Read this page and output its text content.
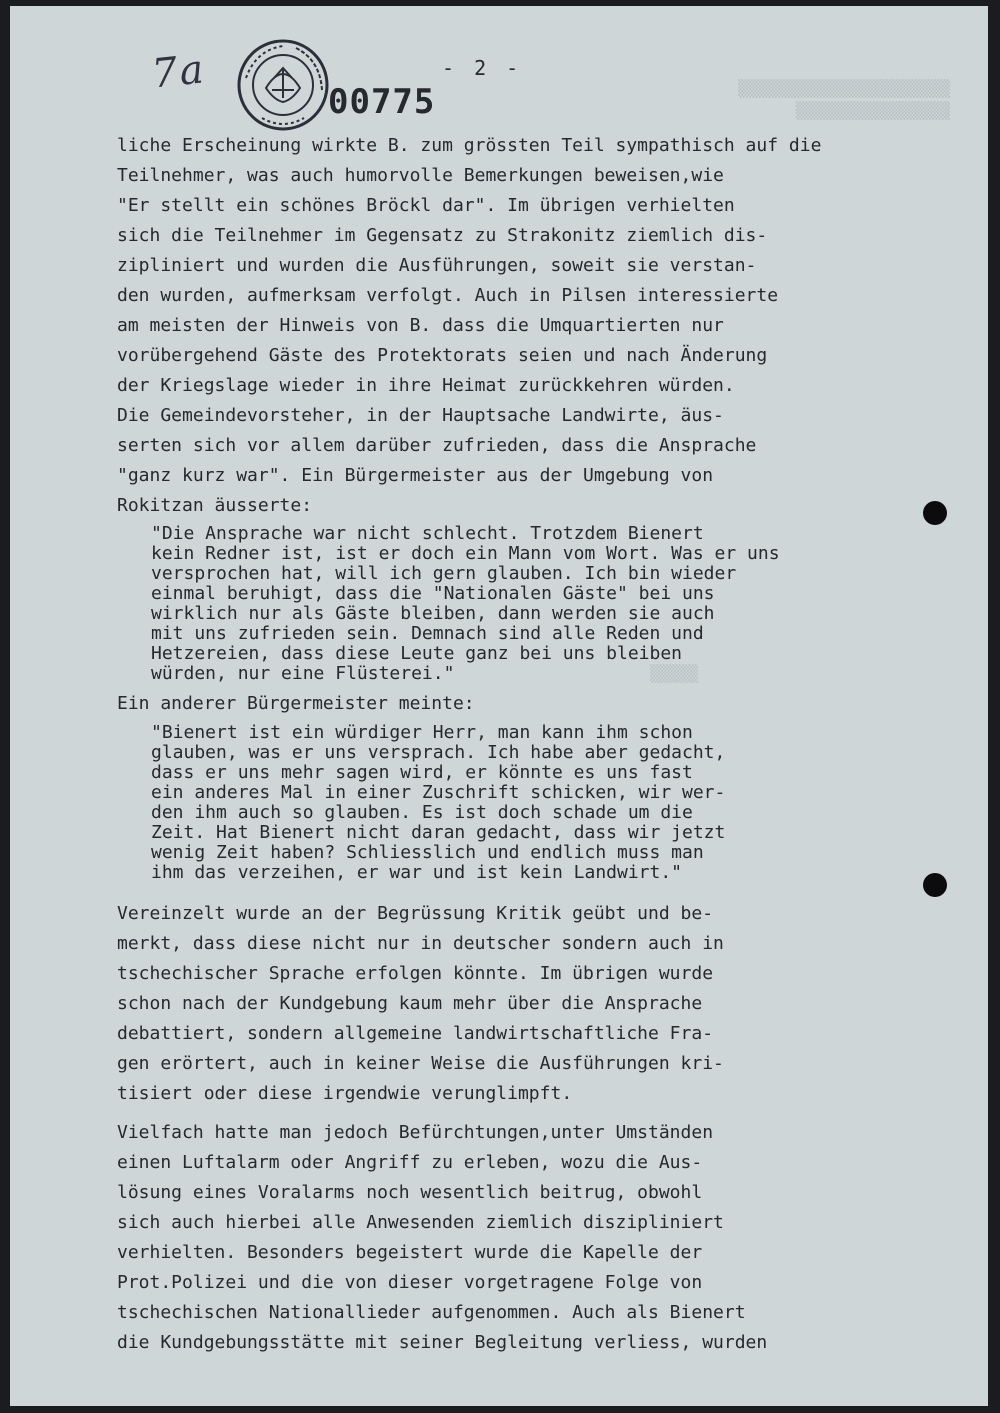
7a
00775
- 2 -
▒▒▒▒▒▒▒▒▒▒▒▒▒▒▒▒▒▒▒▒▒▒
▒▒▒▒▒▒▒▒▒▒▒▒▒▒▒▒
▒▒▒▒▒
liche Erscheinung wirkte B. zum grössten Teil sympathisch auf die
Teilnehmer, was auch humorvolle Bemerkungen beweisen,wie
"Er stellt ein schönes Bröckl dar". Im übrigen verhielten
sich die Teilnehmer im Gegensatz zu Strakonitz ziemlich dis-
zipliniert und wurden die Ausführungen, soweit sie verstan-
den wurden, aufmerksam verfolgt. Auch in Pilsen interessierte
am meisten der Hinweis von B. dass die Umquartierten nur
vorübergehend Gäste des Protektorats seien und nach Änderung
der Kriegslage wieder in ihre Heimat zurückkehren würden.
Die Gemeindevorsteher, in der Hauptsache Landwirte, äus-
serten sich vor allem darüber zufrieden, dass die Ansprache
"ganz kurz war". Ein Bürgermeister aus der Umgebung von
Rokitzan äusserte:
"Die Ansprache war nicht schlecht. Trotzdem Bienert
kein Redner ist, ist er doch ein Mann vom Wort. Was er uns
versprochen hat, will ich gern glauben. Ich bin wieder
einmal beruhigt, dass die "Nationalen Gäste" bei uns
wirklich nur als Gäste bleiben, dann werden sie auch
mit uns zufrieden sein. Demnach sind alle Reden und
Hetzereien, dass diese Leute ganz bei uns bleiben
würden, nur eine Flüsterei."
Ein anderer Bürgermeister meinte:
"Bienert ist ein würdiger Herr, man kann ihm schon
glauben, was er uns versprach. Ich habe aber gedacht,
dass er uns mehr sagen wird, er könnte es uns fast
ein anderes Mal in einer Zuschrift schicken, wir wer-
den ihm auch so glauben. Es ist doch schade um die
Zeit. Hat Bienert nicht daran gedacht, dass wir jetzt
wenig Zeit haben? Schliesslich und endlich muss man
ihm das verzeihen, er war und ist kein Landwirt."
Vereinzelt wurde an der Begrüssung Kritik geübt und be-
merkt, dass diese nicht nur in deutscher sondern auch in
tschechischer Sprache erfolgen könnte. Im übrigen wurde
schon nach der Kundgebung kaum mehr über die Ansprache
debattiert, sondern allgemeine landwirtschaftliche Fra-
gen erörtert, auch in keiner Weise die Ausführungen kri-
tisiert oder diese irgendwie verunglimpft.
Vielfach hatte man jedoch Befürchtungen,unter Umständen
einen Luftalarm oder Angriff zu erleben, wozu die Aus-
lösung eines Voralarms noch wesentlich beitrug, obwohl
sich auch hierbei alle Anwesenden ziemlich diszipliniert
verhielten. Besonders begeistert wurde die Kapelle der
Prot.Polizei und die von dieser vorgetragene Folge von
tschechischen Nationallieder aufgenommen. Auch als Bienert
die Kundgebungsstätte mit seiner Begleitung verliess, wurden
